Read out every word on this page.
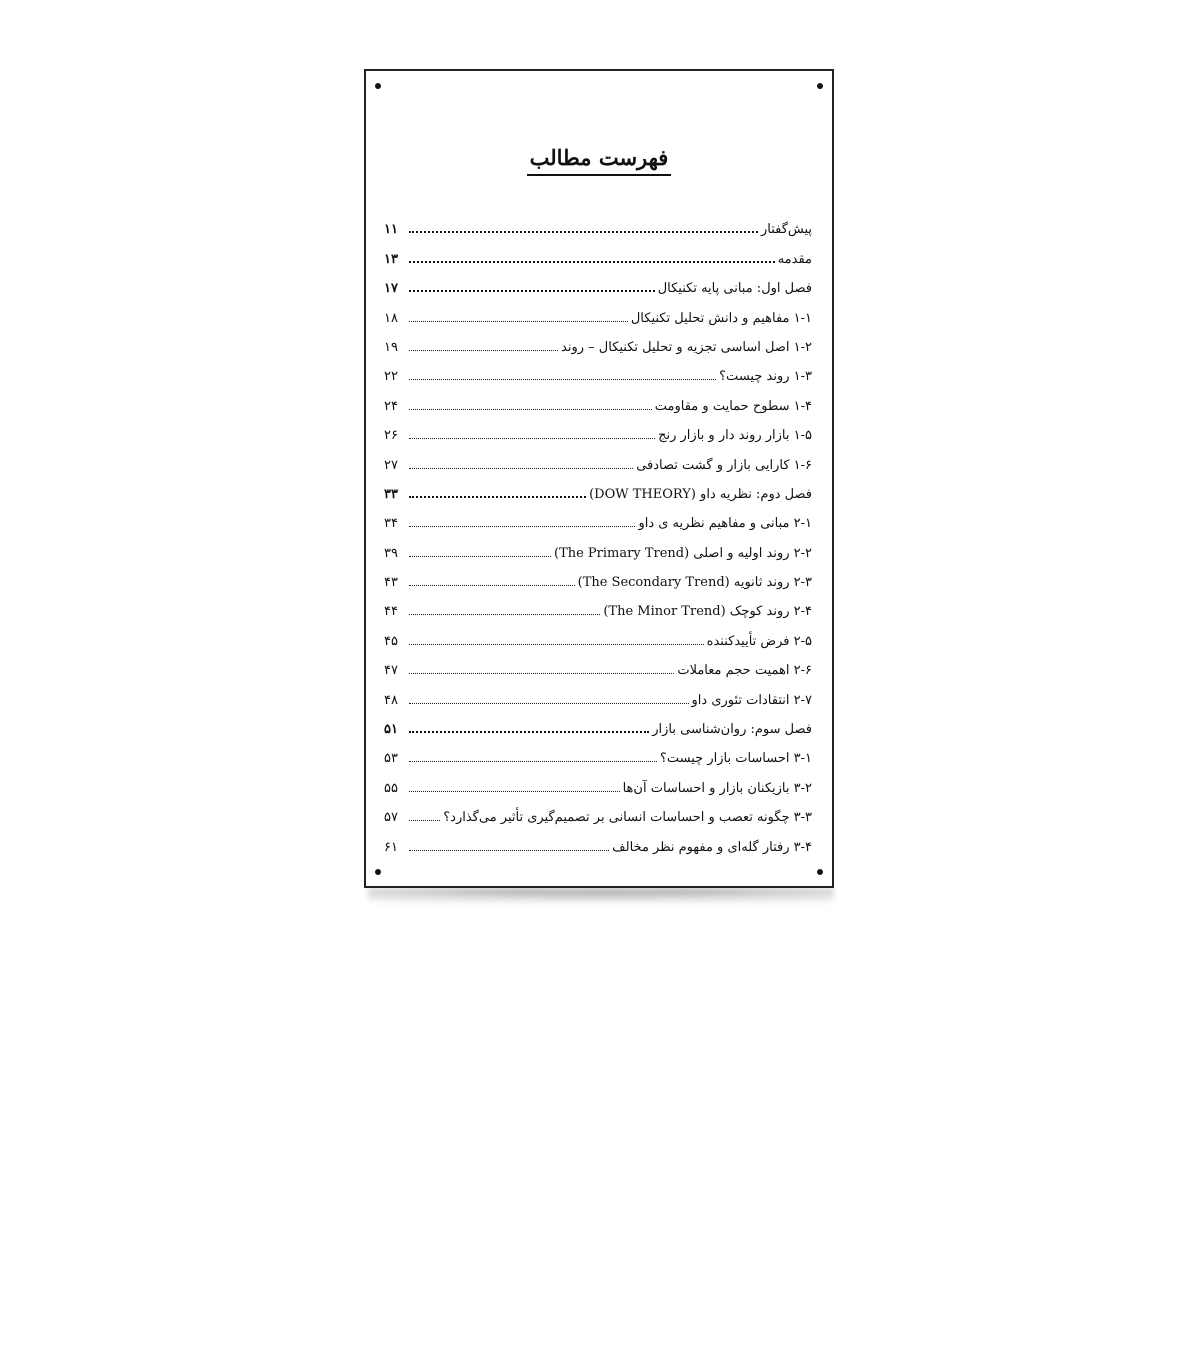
فهرست مطالب
پیش‌گفتار
۱۱
مقدمه
۱۳
فصل اول: مبانی پایه تکنیکال
۱۷
۱-۱ مفاهیم و دانش تحلیل تکنیکال
۱۸
۱-۲ اصل اساسی تجزیه و تحلیل تکنیکال – روند
۱۹
۱-۳ روند چیست؟
۲۲
۱-۴ سطوح حمایت و مقاومت
۲۴
۱-۵ بازار روند دار و بازار رنج
۲۶
۱-۶ کارایی بازار و گشت تصادفی
۲۷
فصل دوم: نظریه داو (DOW THEORY)
۳۳
۲-۱ مبانی و مفاهیم نظریه ی داو
۳۴
۲-۲ روند اولیه و اصلی (The Primary Trend)
۳۹
۲-۳ روند ثانویه (The Secondary Trend)
۴۳
۲-۴ روند کوچک (The Minor Trend)
۴۴
۲-۵ فرض تأییدکننده
۴۵
۲-۶ اهمیت حجم معاملات
۴۷
۲-۷ انتقادات تئوری داو
۴۸
فصل سوم: روان‌شناسی بازار
۵۱
۳-۱ احساسات بازار چیست؟
۵۳
۳-۲ بازیکنان بازار و احساسات آن‌ها
۵۵
۳-۳ چگونه تعصب و احساسات انسانی بر تصمیم‌گیری تأثیر می‌گذارد؟
۵۷
۳-۴ رفتار گله‌ای و مفهوم نظر مخالف
۶۱
